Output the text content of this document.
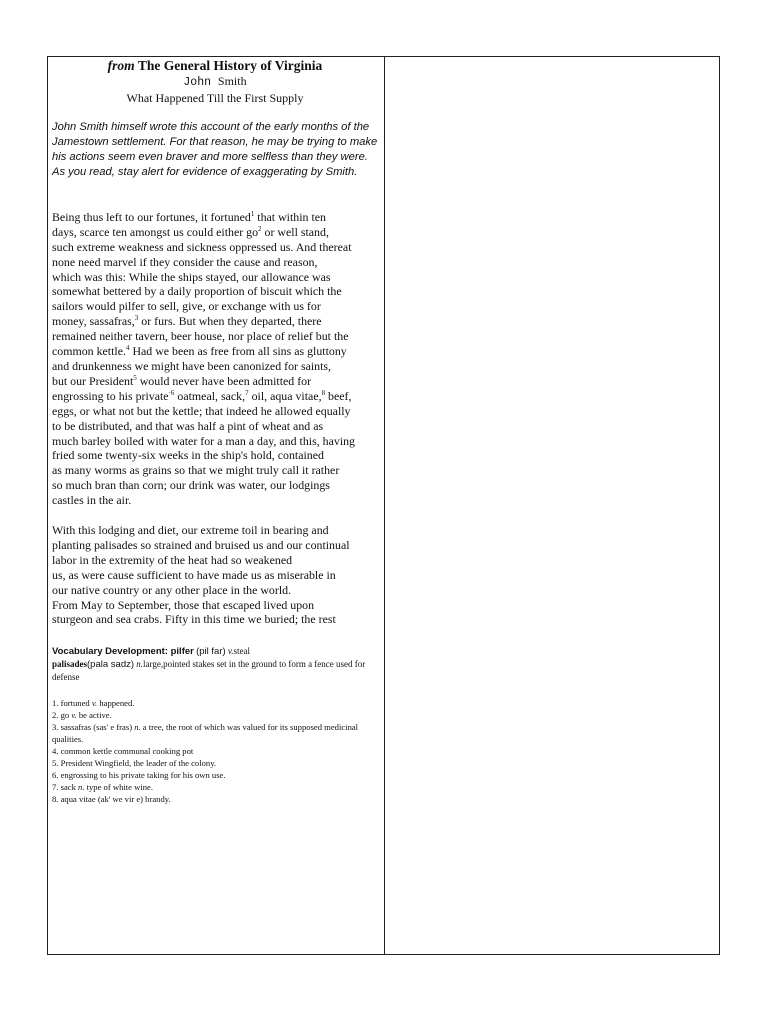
from The General History of Virginia
John Smith
What Happened Till the First Supply
John Smith himself wrote this account of the early months of the Jamestown settlement. For that reason, he may be trying to make his actions seem even braver and more selfless than they were. As you read, stay alert for evidence of exaggerating by Smith.

Being thus left to our fortunes, it fortuned$^1$ that within ten
days, scarce ten amongst us could either $go^2$ or well stand,
such extreme weakness and sickness oppressed us. And thereat
none need marvel if they consider the cause and reason,
which was this: While the ships stayed, our allowance was
somewhat bettered by a daily proportion of biscuit which the
sailors would pilfer to sell, give, or exchange with us for
money, sassafras,$^3$ or furs. But when they departed, there
remained neither tavern, beer house, nor place of relief but the
common kettle.$^4$ Had we been as free from all sins as gluttony
and drunkenness we might have been canonized for saints,
but our President$^5$ would never have been admitted for
engrossing to his private$^{\cdot 6}$ oatmeal, sack,$^7$ oil, aqua vitae,$^8$ beef,
eggs, or what not but the kettle; that indeed he allowed equally
to be distributed, and that was half a pint of wheat and as
much barley boiled with water for a man a day, and this, having
fried some twenty-six weeks in the ship's hold, contained
as many worms as grains so that we might truly call it rather
so much bran than corn; our drink was water, our lodgings
castles in the air.

With this lodging and diet, our extreme toil in bearing and
planting palisades so strained and bruised us and our continual
labor in the extremity of the heat had so weakened
us, as were cause sufficient to have made us as miserable in
our native country or any other place in the world.
From May to September, those that escaped lived upon
sturgeon and sea crabs. Fifty in this time we buried; the rest

Vocabulary Development: pilfer (pil far) v.steal
palisades(pala sadz) n.large,pointed stakes set in the ground to form a fence used for defense
1. fortuned v. happened.
2. go v. be active.
3. sassafras (sas' e fras) n. a tree, the root of which was valued for its supposed medicinal qualities.
4. common kettle communal cooking pot
5. President Wingfield, the leader of the colony.
6. engrossing to his private taking for his own use.
7. sack n. type of white wine.
8. aqua vitae (ak' we vir e) brandy.
